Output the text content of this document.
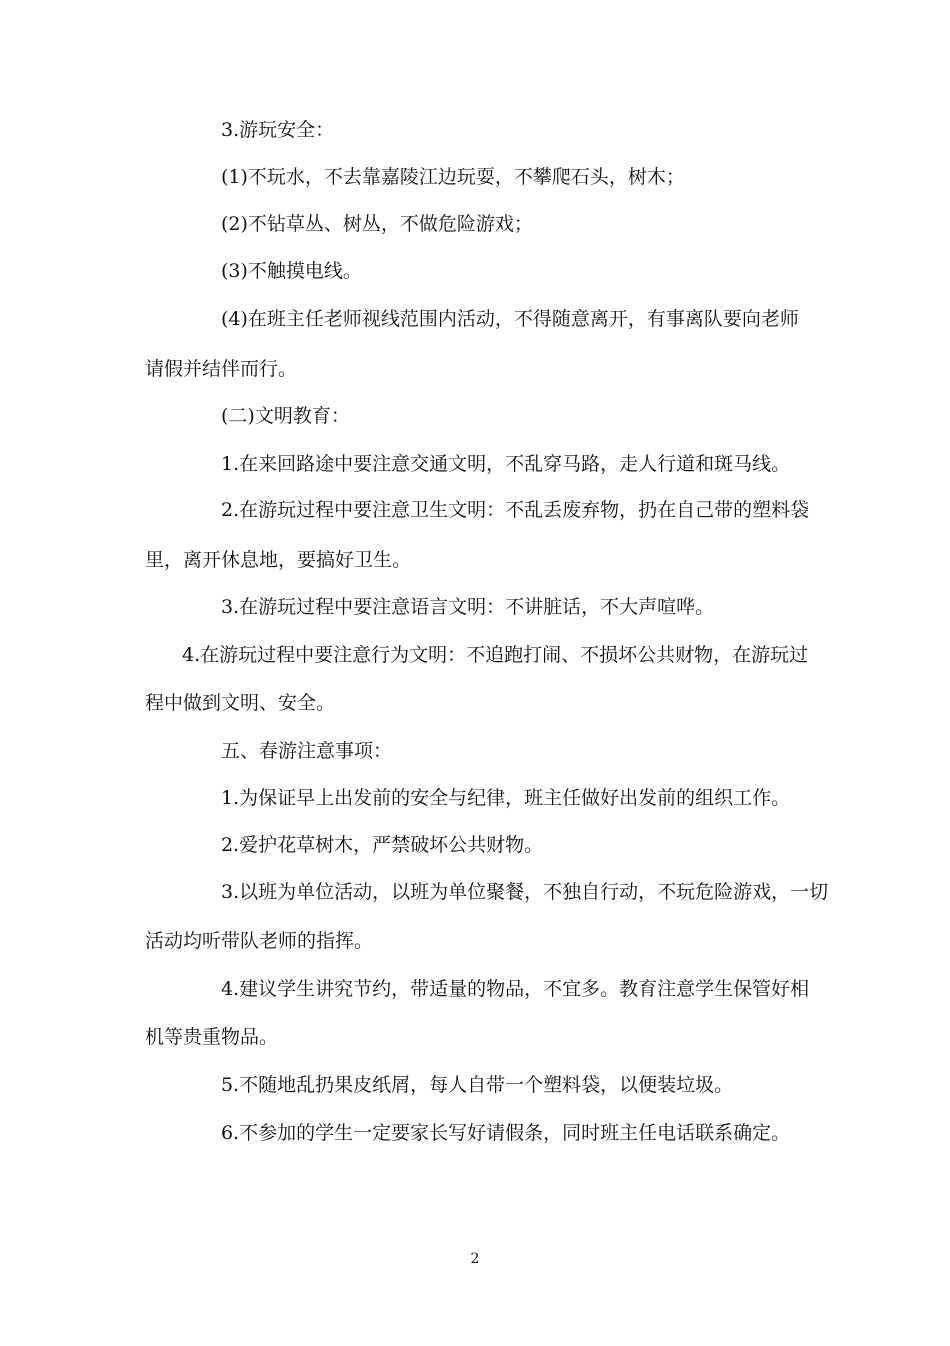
3.游玩安全：

(1)不玩水，不去靠嘉陵江边玩耍，不攀爬石头，树木；

(2)不钻草丛、树丛，不做危险游戏；

(3)不触摸电线。

(4)在班主任老师视线范围内活动，不得随意离开，有事离队要向老师

请假并结伴而行。

(二)文明教育：

1.在来回路途中要注意交通文明，不乱穿马路，走人行道和斑马线。

2.在游玩过程中要注意卫生文明：不乱丢废弃物，扔在自己带的塑料袋

里，离开休息地，要搞好卫生。

3.在游玩过程中要注意语言文明：不讲脏话，不大声喧哗。

4.在游玩过程中要注意行为文明：不追跑打闹、不损坏公共财物，在游玩过

程中做到文明、安全。

五、春游注意事项：

1.为保证早上出发前的安全与纪律，班主任做好出发前的组织工作。

2.爱护花草树木，严禁破坏公共财物。

3.以班为单位活动，以班为单位聚餐，不独自行动，不玩危险游戏，一切

活动均听带队老师的指挥。

4.建议学生讲究节约，带适量的物品，不宜多。教育注意学生保管好相

机等贵重物品。

5.不随地乱扔果皮纸屑，每人自带一个塑料袋，以便装垃圾。

6.不参加的学生一定要家长写好请假条，同时班主任电话联系确定。

2
